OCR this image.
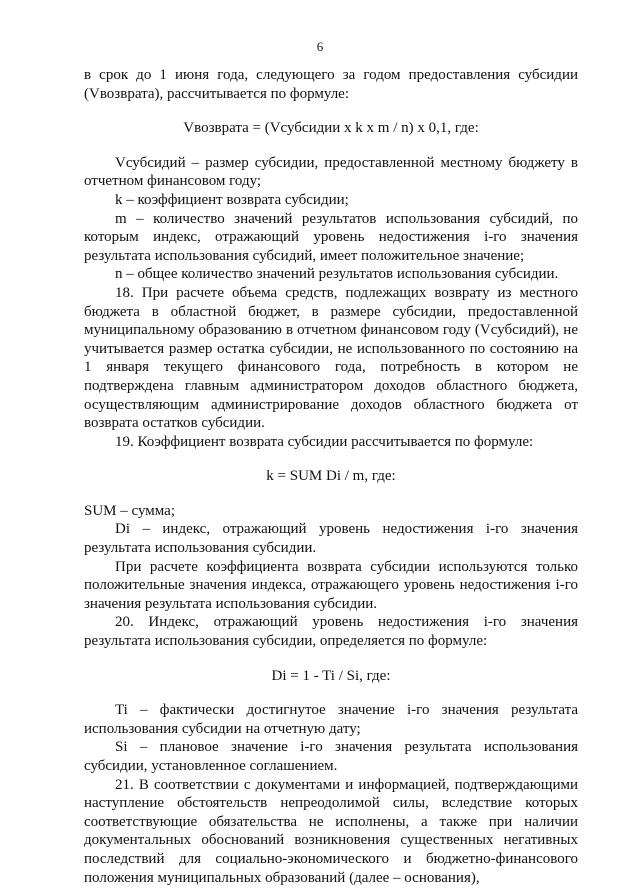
6

в срок до 1 июня года, следующего за годом предоставления субсидии (Vвозврата), рассчитывается по формуле:

Vвозврата = (Vсубсидии х k х m / n) х 0,1, где:

Vсубсидий – размер субсидии, предоставленной местному бюджету в отчетном финансовом году;

k – коэффициент возврата субсидии;

m – количество значений результатов использования субсидий, по которым индекс, отражающий уровень недостижения i-го значения результата использования субсидий, имеет положительное значение;

n – общее количество значений результатов использования субсидии.

18. При расчете объема средств, подлежащих возврату из местного бюджета в областной бюджет, в размере субсидии, предоставленной муниципальному образованию в отчетном финансовом году (Vсубсидий), не учитывается размер остатка субсидии, не использованного по состоянию на 1 января текущего финансового года, потребность в котором не подтверждена главным администратором доходов областного бюджета, осуществляющим администрирование доходов областного бюджета от возврата остатков субсидии.

19. Коэффициент возврата субсидии рассчитывается по формуле:

k = SUM Di / m, где:

SUM – сумма;

Di – индекс, отражающий уровень недостижения i-го значения результата использования субсидии.

При расчете коэффициента возврата субсидии используются только положительные значения индекса, отражающего уровень недостижения i-го значения результата использования субсидии.

20. Индекс, отражающий уровень недостижения i-го значения результата использования субсидии, определяется по формуле:

Di = 1 - Ti / Si, где:

Ti – фактически достигнутое значение i-го значения результата использования субсидии на отчетную дату;

Si – плановое значение i-го значения результата использования субсидии, установленное соглашением.

21. В соответствии с документами и информацией, подтверждающими наступление обстоятельств непреодолимой силы, вследствие которых соответствующие обязательства не исполнены, а также при наличии документальных обоснований возникновения существенных негативных последствий для социально-экономического и бюджетно-финансового положения муниципальных образований (далее – основания),
